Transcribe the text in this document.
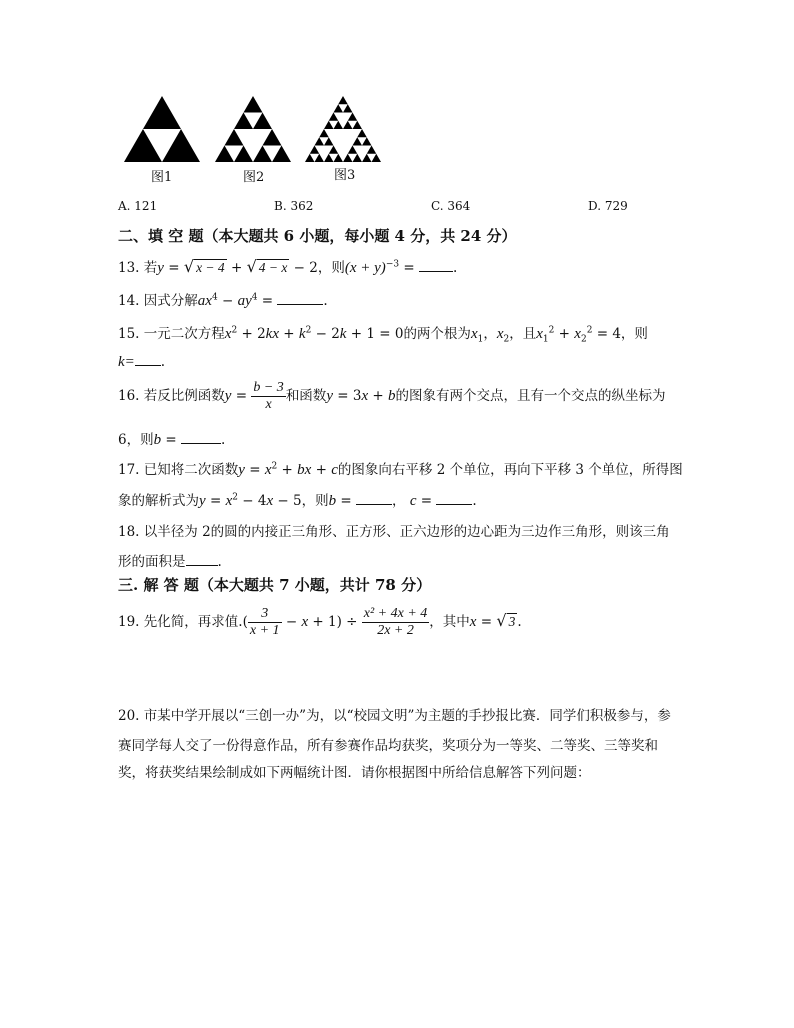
图1	图2	图3
A. 121	B. 362	C. 364	D. 729
二、填 空 题（本大题共 6 小题，每小题 4 分，共 24 分）
13. 若y = √ x − 4 + √ 4 − x − 2，则$(x + y)^{-3}$ =	.
14. 因式分解$ax^4 - ay^4$ =	.
15. 一元二次方程$x^2 + 2kx + k^2 - 2k + 1 = 0$的两个根为$x_1$，$x_2$，且$x_1^2 + x_2^2 = 4$，则
k= .
16. 若反比例函数$y = \frac{b - 3}{x}$ 和函数y = 3x + b的图象有两个交点，且有一个交点的纵坐标为
6，则b =	.
17. 已知将二次函数$y = x^2$ + bx + c的图象向右平移 2 个单位，再向下平移 3 个单位，所得图
象的解析式为$y = x^2 - 4x - 5$，则b =	， c =	.
18. 以半径为 2的圆的内接正三角形、正方形、正六边形的边心距为三边作三角形，则该三角
形的面积是 .
三. 解 答 题（本大题共 7 小题，共计 78 分）
19. 先化简，再求值.( $\frac{3}{x + 1} - x + 1) \div \frac{\text{x² + 4x + 4}}{2x + 2}$ ，其中x = √ 3 .
20. 市某中学开展以“三创一办”为，以“校园文明”为主题的手抄报比赛．同学们积极参与，参
赛同学每人交了一份得意作品，所有参赛作品均获奖，奖项分为一等奖、二等奖、三等奖和
奖，将获奖结果绘制成如下两幅统计图．请你根据图中所给信息解答下列问题：
